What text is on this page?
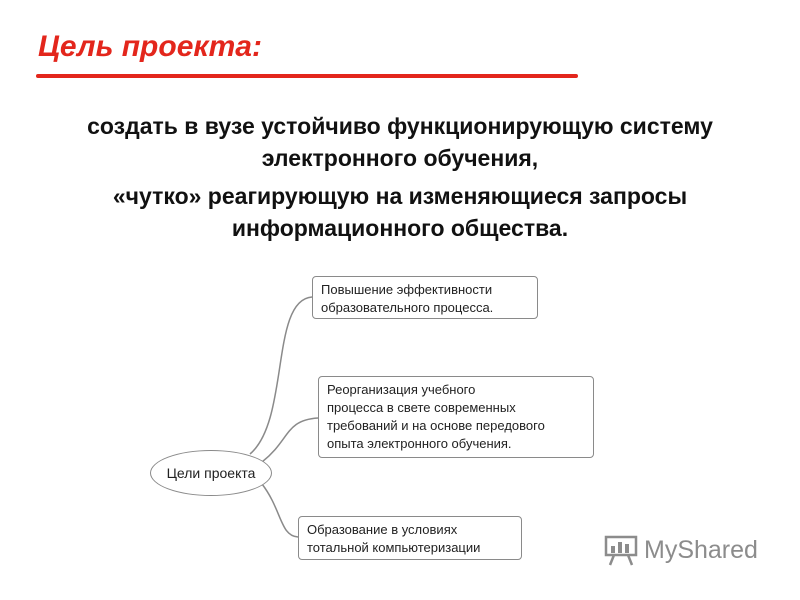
Цель проекта:
создать в вузе устойчиво функционирующую систему
электронного обучения,
«чутко» реагирующую на изменяющиеся запросы
информационного общества.
Цели проекта
Повышение эффективности
образовательного процесса.
Реорганизация учебного
процесса в свете современных
требований и на основе передового
опыта электронного обучения.
Образование в условиях
тотальной компьютеризации	MyShared
